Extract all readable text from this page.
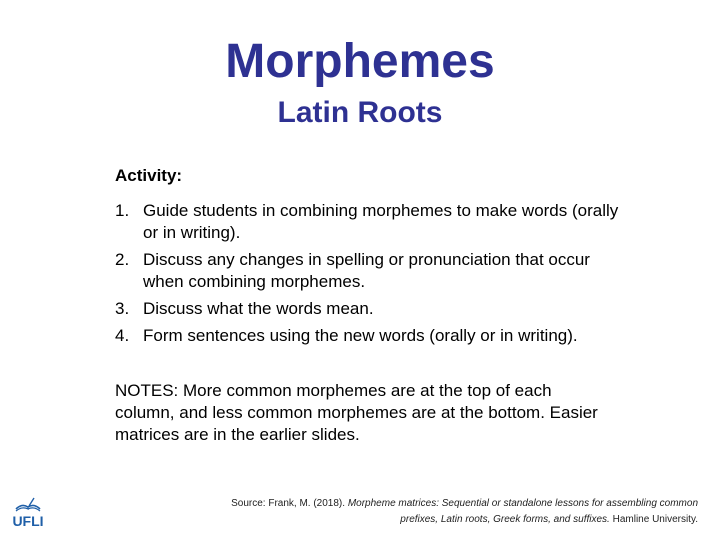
Morphemes
Latin Roots
Activity:
1. Guide students in combining morphemes to make words (orally or in writing).
2. Discuss any changes in spelling or pronunciation that occur when combining morphemes.
3. Discuss what the words mean.
4. Form sentences using the new words (orally or in writing).
NOTES: More common morphemes are at the top of each column, and less common morphemes are at the bottom. Easier matrices are in the earlier slides.
UFLI
Source: Frank, M. (2018). Morpheme matrices: Sequential or standalone lessons for assembling common prefixes, Latin roots, Greek forms, and suffixes. Hamline University.
